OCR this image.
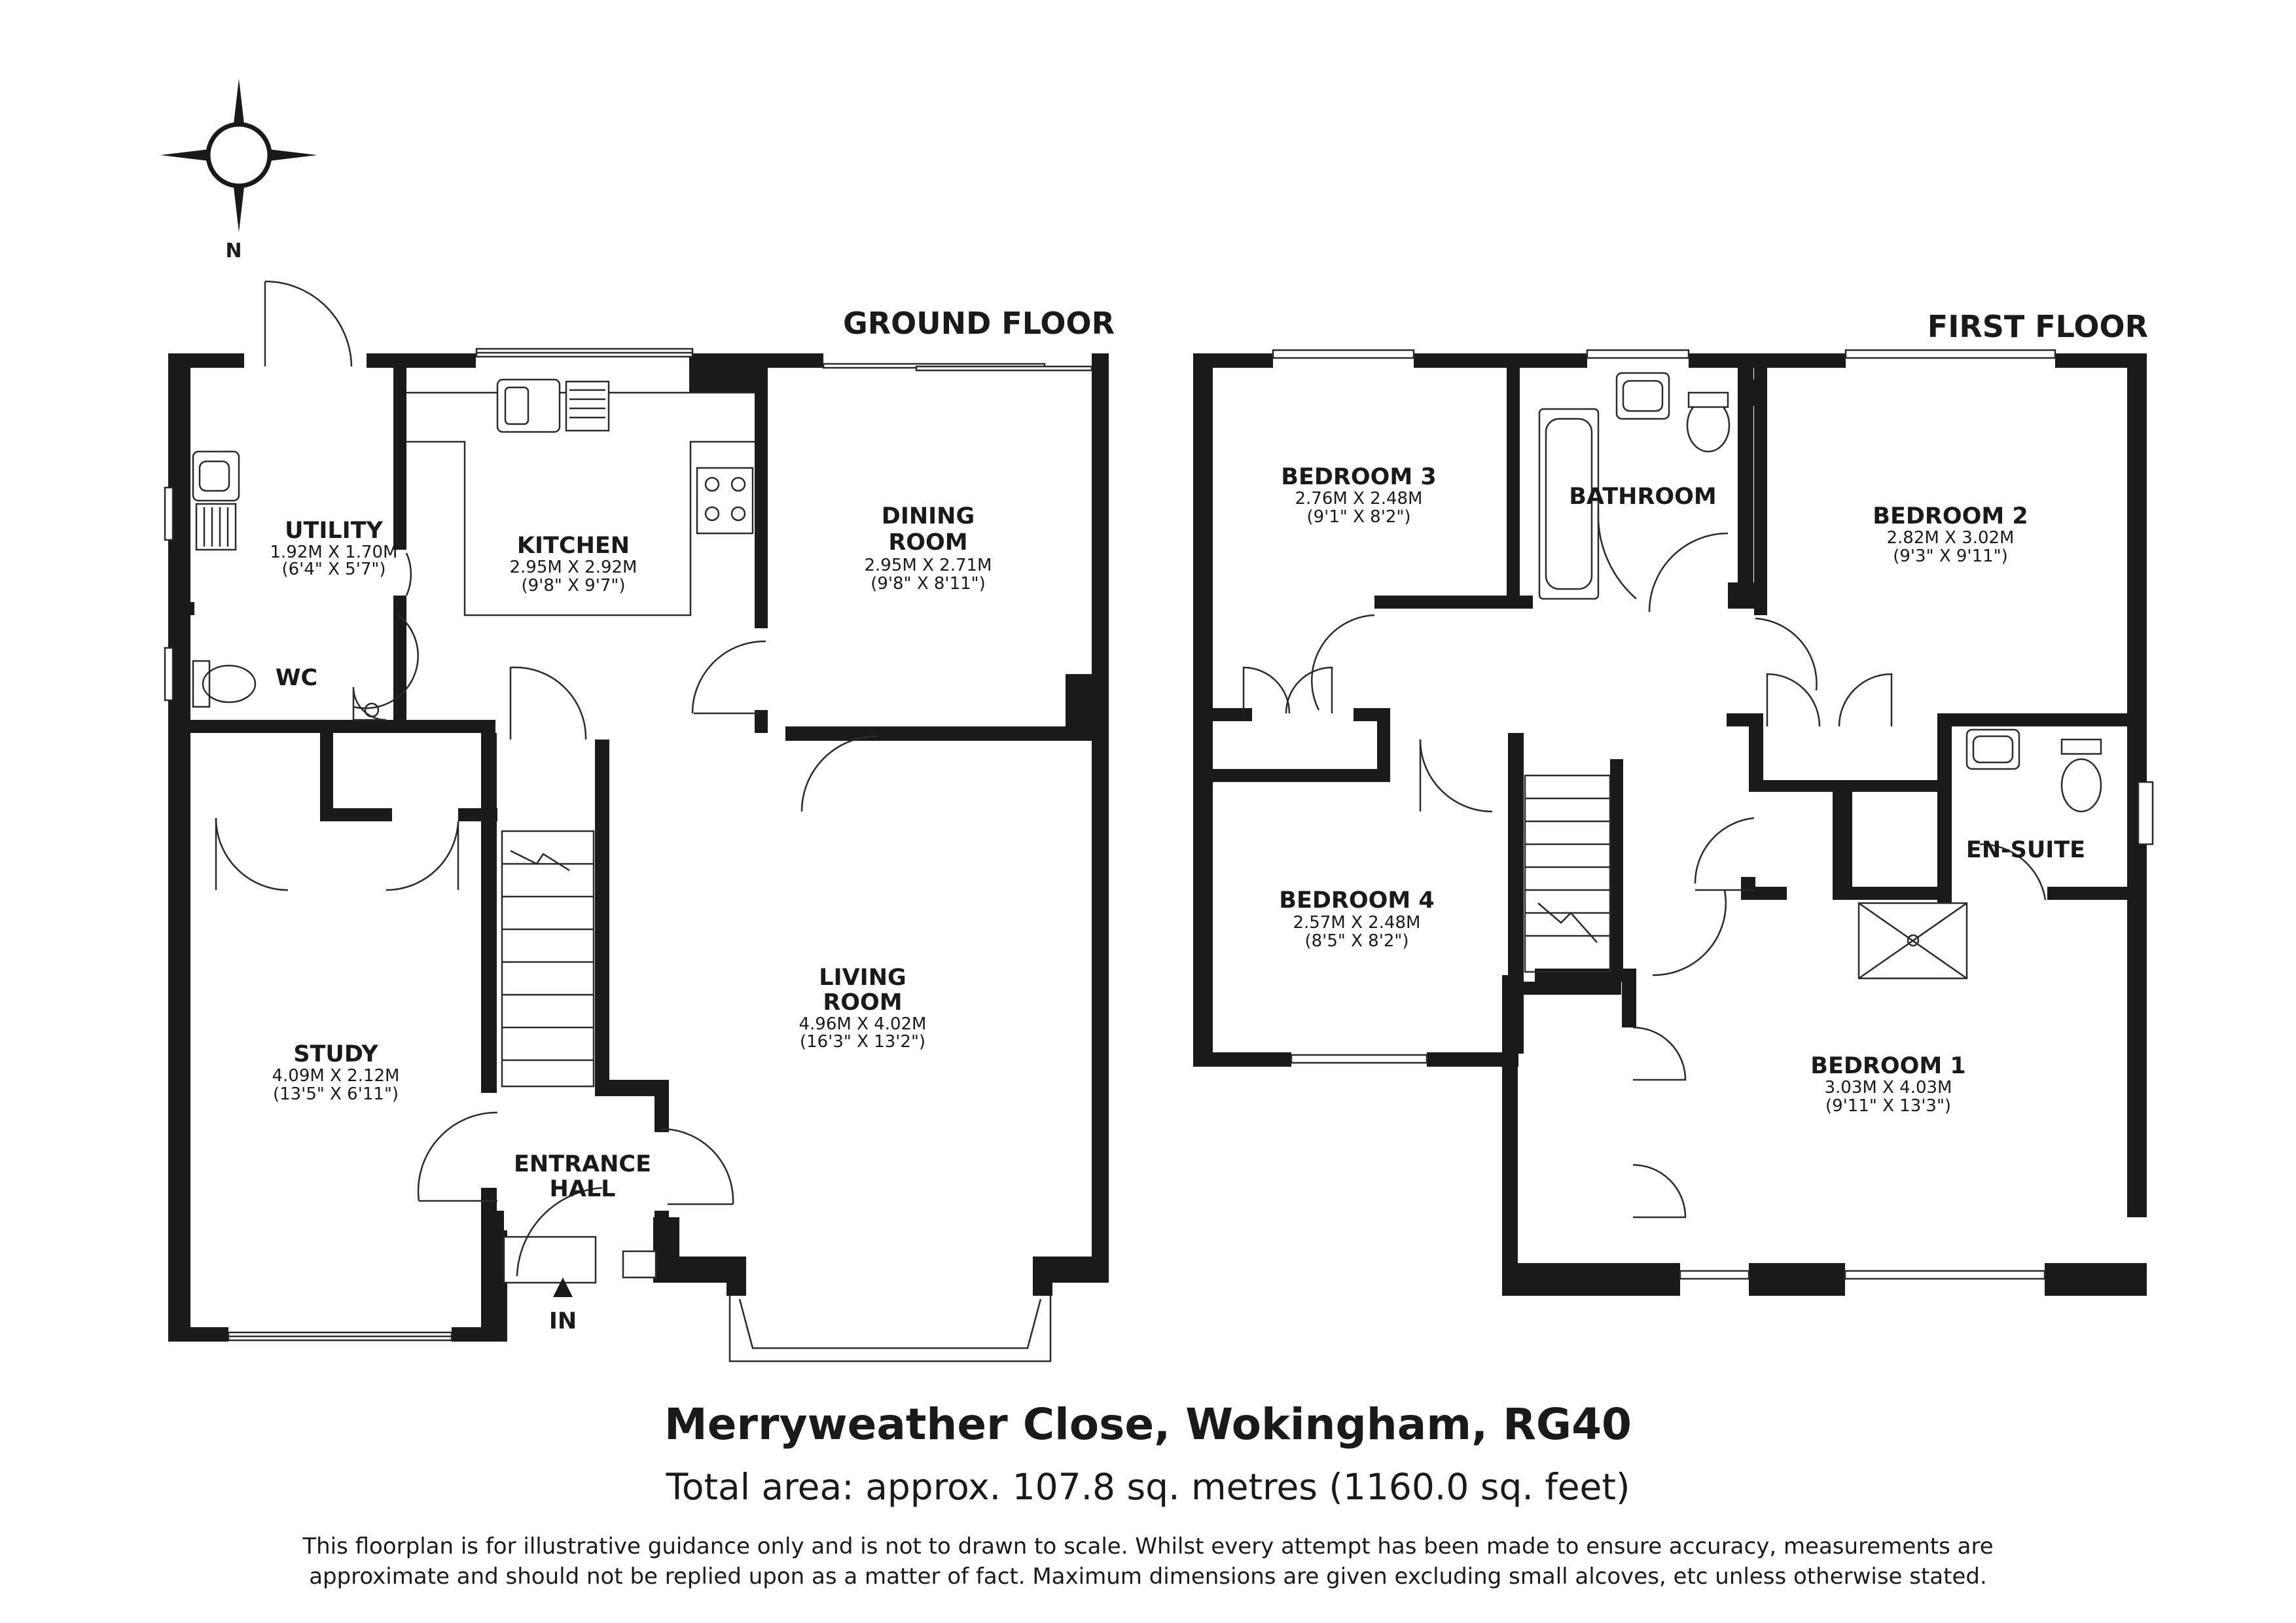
N
GROUND FLOOR
UTILITY
1.92M X 1.70M
(6'4" X 5'7")
KITCHEN
2.95M X 2.92M
(9'8" X 9'7")
DINING
ROOM
2.95M X 2.71M
(9'8" X 8'11")
WC
STUDY
4.09M X 2.12M
(13'5" X 6'11")
LIVING
ROOM
4.96M X 4.02M
(16'3" X 13'2")
ENTRANCE
HALL
IN
FIRST FLOOR
BEDROOM 3
2.76M X 2.48M
(9'1" X 8'2")
BATHROOM
BEDROOM 2
2.82M X 3.02M
(9'3" X 9'11")
EN-SUITE
BEDROOM 4
2.57M X 2.48M
(8'5" X 8'2")
BEDROOM 1
3.03M X 4.03M
(9'11" X 13'3")
Merryweather Close, Wokingham, RG40
Total area: approx. 107.8 sq. metres (1160.0 sq. feet)
This floorplan is for illustrative guidance only and is not to drawn to scale. Whilst every attempt has been made to ensure accuracy, measurements are
approximate and should not be replied upon as a matter of fact. Maximum dimensions are given excluding small alcoves, etc unless otherwise stated.
